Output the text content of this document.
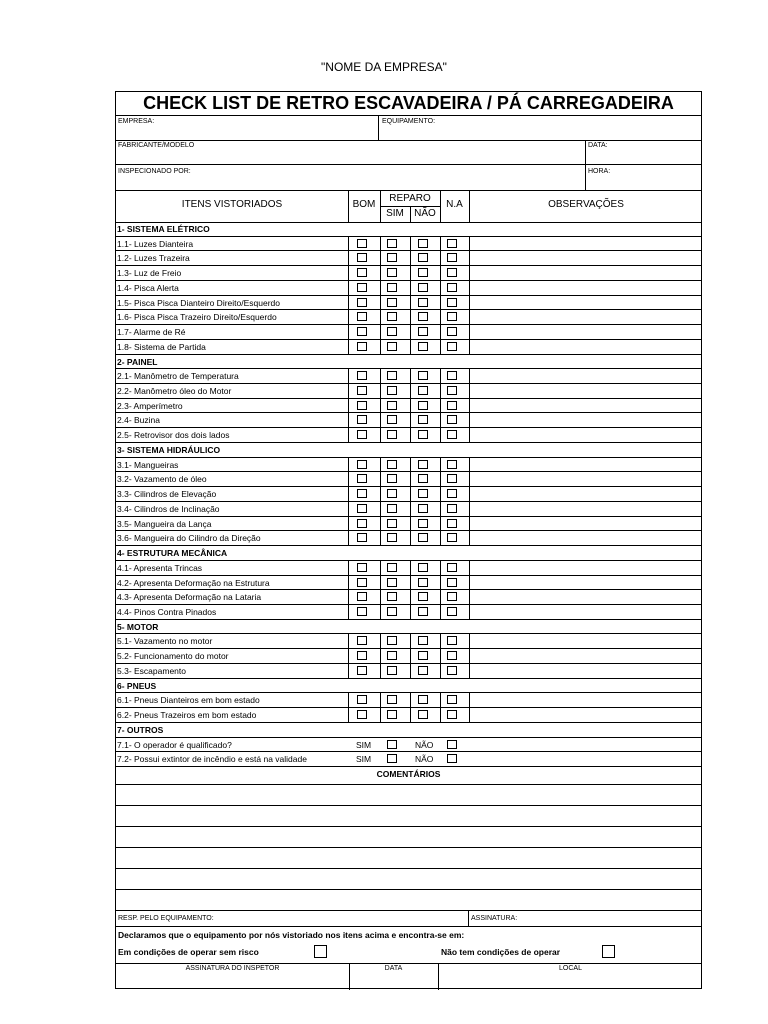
"NOME DA EMPRESA"
CHECK LIST DE RETRO ESCAVADEIRA / PÁ CARREGADEIRA
EMPRESA:	EQUIPAMENTO:
FABRICANTE/MODELO	DATA:
INSPECIONADO POR:	HORA:
ITENS VISTORIADOS	BOM
REPARO
SIM	NÃO
N.A	OBSERVAÇÕES
1- SISTEMA ELÉTRICO
1.1- Luzes Dianteira
1.2- Luzes Trazeira
1.3- Luz de Freio
1.4- Pisca Alerta
1.5- Pisca Pisca Dianteiro Direito/Esquerdo
1.6- Pisca Pisca Trazeiro Direito/Esquerdo
1.7- Alarme de Ré
1.8- Sistema de Partida
2- PAINEL
2.1- Manômetro de Temperatura
2.2- Manômetro óleo do Motor
2.3- Amperímetro
2.4- Buzina
2.5- Retrovisor dos dois lados
3- SISTEMA HIDRÁULICO
3.1- Mangueiras
3.2- Vazamento de óleo
3.3- Cilindros de Elevação
3.4- Cilindros de Inclinação
3.5- Mangueira da Lança
3.6- Mangueira do Cilindro da Direção
4- ESTRUTURA MECÂNICA
4.1- Apresenta Trincas
4.2- Apresenta Deformação na Estrutura
4.3- Apresenta Deformação na Lataria
4.4- Pinos Contra Pinados
5- MOTOR
5.1- Vazamento no motor
5.2- Funcionamento do motor
5.3- Escapamento
6- PNEUS
6.1- Pneus Dianteiros em bom estado
6.2- Pneus Trazeiros em bom estado
7- OUTROS
7.1- O operador é qualificado?	SIM	NÃO
7.2- Possui extintor de incêndio e está na validade	SIM	NÃO
COMENTÁRIOS
RESP. PELO EQUIPAMENTO:	ASSINATURA:
Declaramos que o equipamento por nós vistoriado nos itens acima e encontra-se em:
Em condições de operar sem risco	Não tem condições de operar
ASSINATURA DO INSPETOR	DATA	LOCAL
